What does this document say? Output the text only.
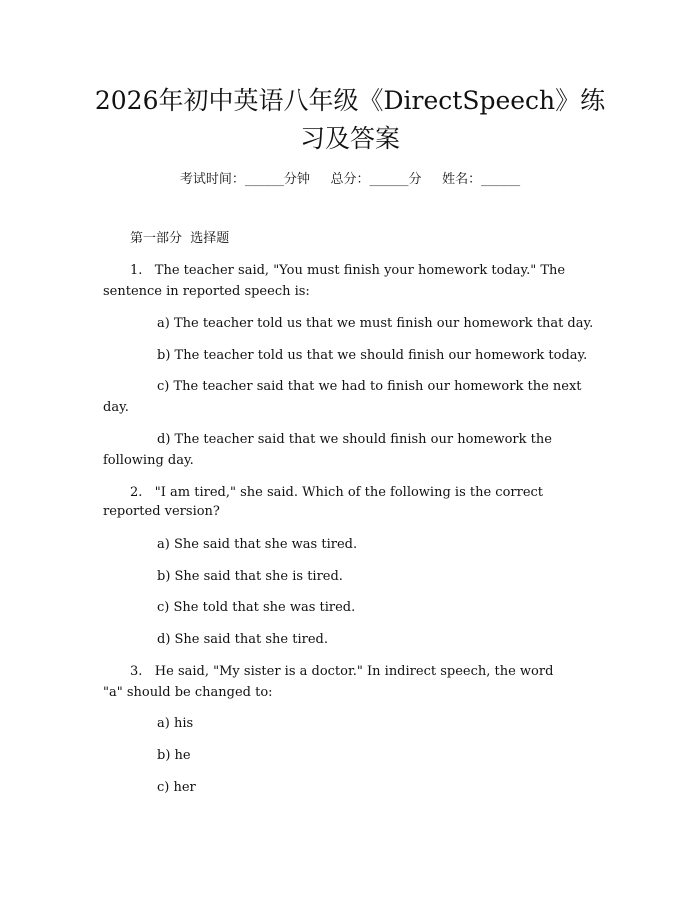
2026年初中英语八年级《DirectSpeech》练
习及答案
考试时间：______分钟     总分：______分     姓名：______
第一部分  选择题
1.   The teacher said, "You must finish your homework today." The
sentence in reported speech is:
a) The teacher told us that we must finish our homework that day.
b) The teacher told us that we should finish our homework today.
c) The teacher said that we had to finish our homework the next
day.
d) The teacher said that we should finish our homework the
following day.
2.   "I am tired," she said. Which of the following is the correct
reported version?
a) She said that she was tired.
b) She said that she is tired.
c) She told that she was tired.
d) She said that she tired.
3.   He said, "My sister is a doctor." In indirect speech, the word
"a" should be changed to:
a) his
b) he
c) her
